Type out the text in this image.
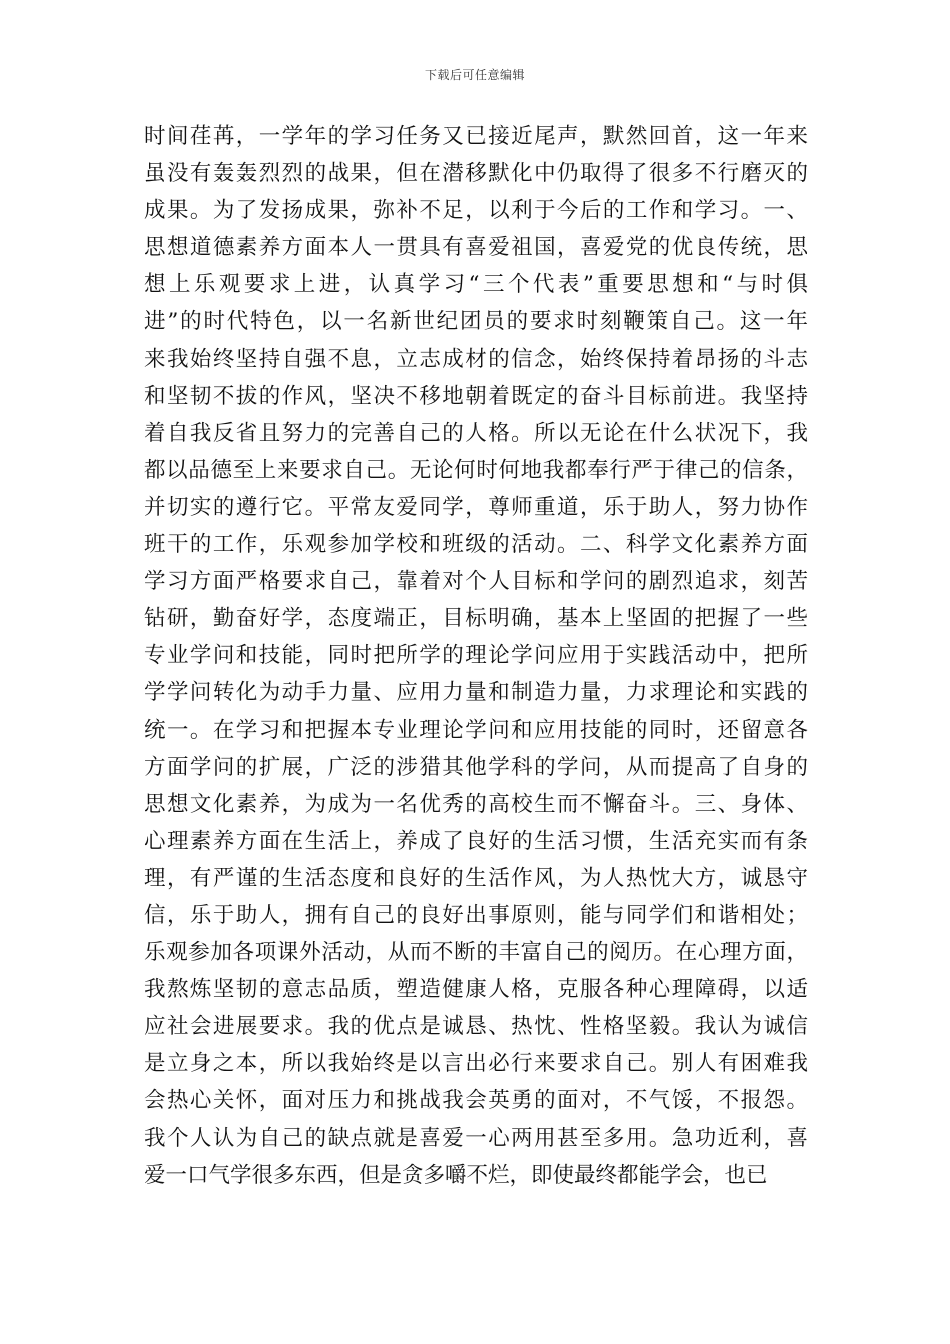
下载后可任意编辑
时间荏苒，一学年的学习任务又已接近尾声，默然回首，这一年来
虽没有轰轰烈烈的战果，但在潜移默化中仍取得了很多不行磨灭的
成果。为了发扬成果，弥补不足，以利于今后的工作和学习。一、
思想道德素养方面本人一贯具有喜爱祖国，喜爱党的优良传统，思
想上乐观要求上进，认真学习“三个代表”重要思想和“与时俱
进”的时代特色，以一名新世纪团员的要求时刻鞭策自己。这一年
来我始终坚持自强不息，立志成材的信念，始终保持着昂扬的斗志
和坚韧不拔的作风，坚决不移地朝着既定的奋斗目标前进。我坚持
着自我反省且努力的完善自己的人格。所以无论在什么状况下，我
都以品德至上来要求自己。无论何时何地我都奉行严于律己的信条，
并切实的遵行它。平常友爱同学，尊师重道，乐于助人，努力协作
班干的工作，乐观参加学校和班级的活动。二、科学文化素养方面
学习方面严格要求自己，靠着对个人目标和学问的剧烈追求，刻苦
钻研，勤奋好学，态度端正，目标明确，基本上坚固的把握了一些
专业学问和技能，同时把所学的理论学问应用于实践活动中，把所
学学问转化为动手力量、应用力量和制造力量，力求理论和实践的
统一。在学习和把握本专业理论学问和应用技能的同时，还留意各
方面学问的扩展，广泛的涉猎其他学科的学问，从而提高了自身的
思想文化素养，为成为一名优秀的高校生而不懈奋斗。三、身体、
心理素养方面在生活上，养成了良好的生活习惯，生活充实而有条
理，有严谨的生活态度和良好的生活作风，为人热忱大方，诚恳守
信，乐于助人，拥有自己的良好出事原则，能与同学们和谐相处；
乐观参加各项课外活动，从而不断的丰富自己的阅历。在心理方面，
我熬炼坚韧的意志品质，塑造健康人格，克服各种心理障碍，以适
应社会进展要求。我的优点是诚恳、热忱、性格坚毅。我认为诚信
是立身之本，所以我始终是以言出必行来要求自己。别人有困难我
会热心关怀，面对压力和挑战我会英勇的面对，不气馁，不报怨。
我个人认为自己的缺点就是喜爱一心两用甚至多用。急功近利，喜
爱一口气学很多东西，但是贪多嚼不烂，即使最终都能学会，也已
